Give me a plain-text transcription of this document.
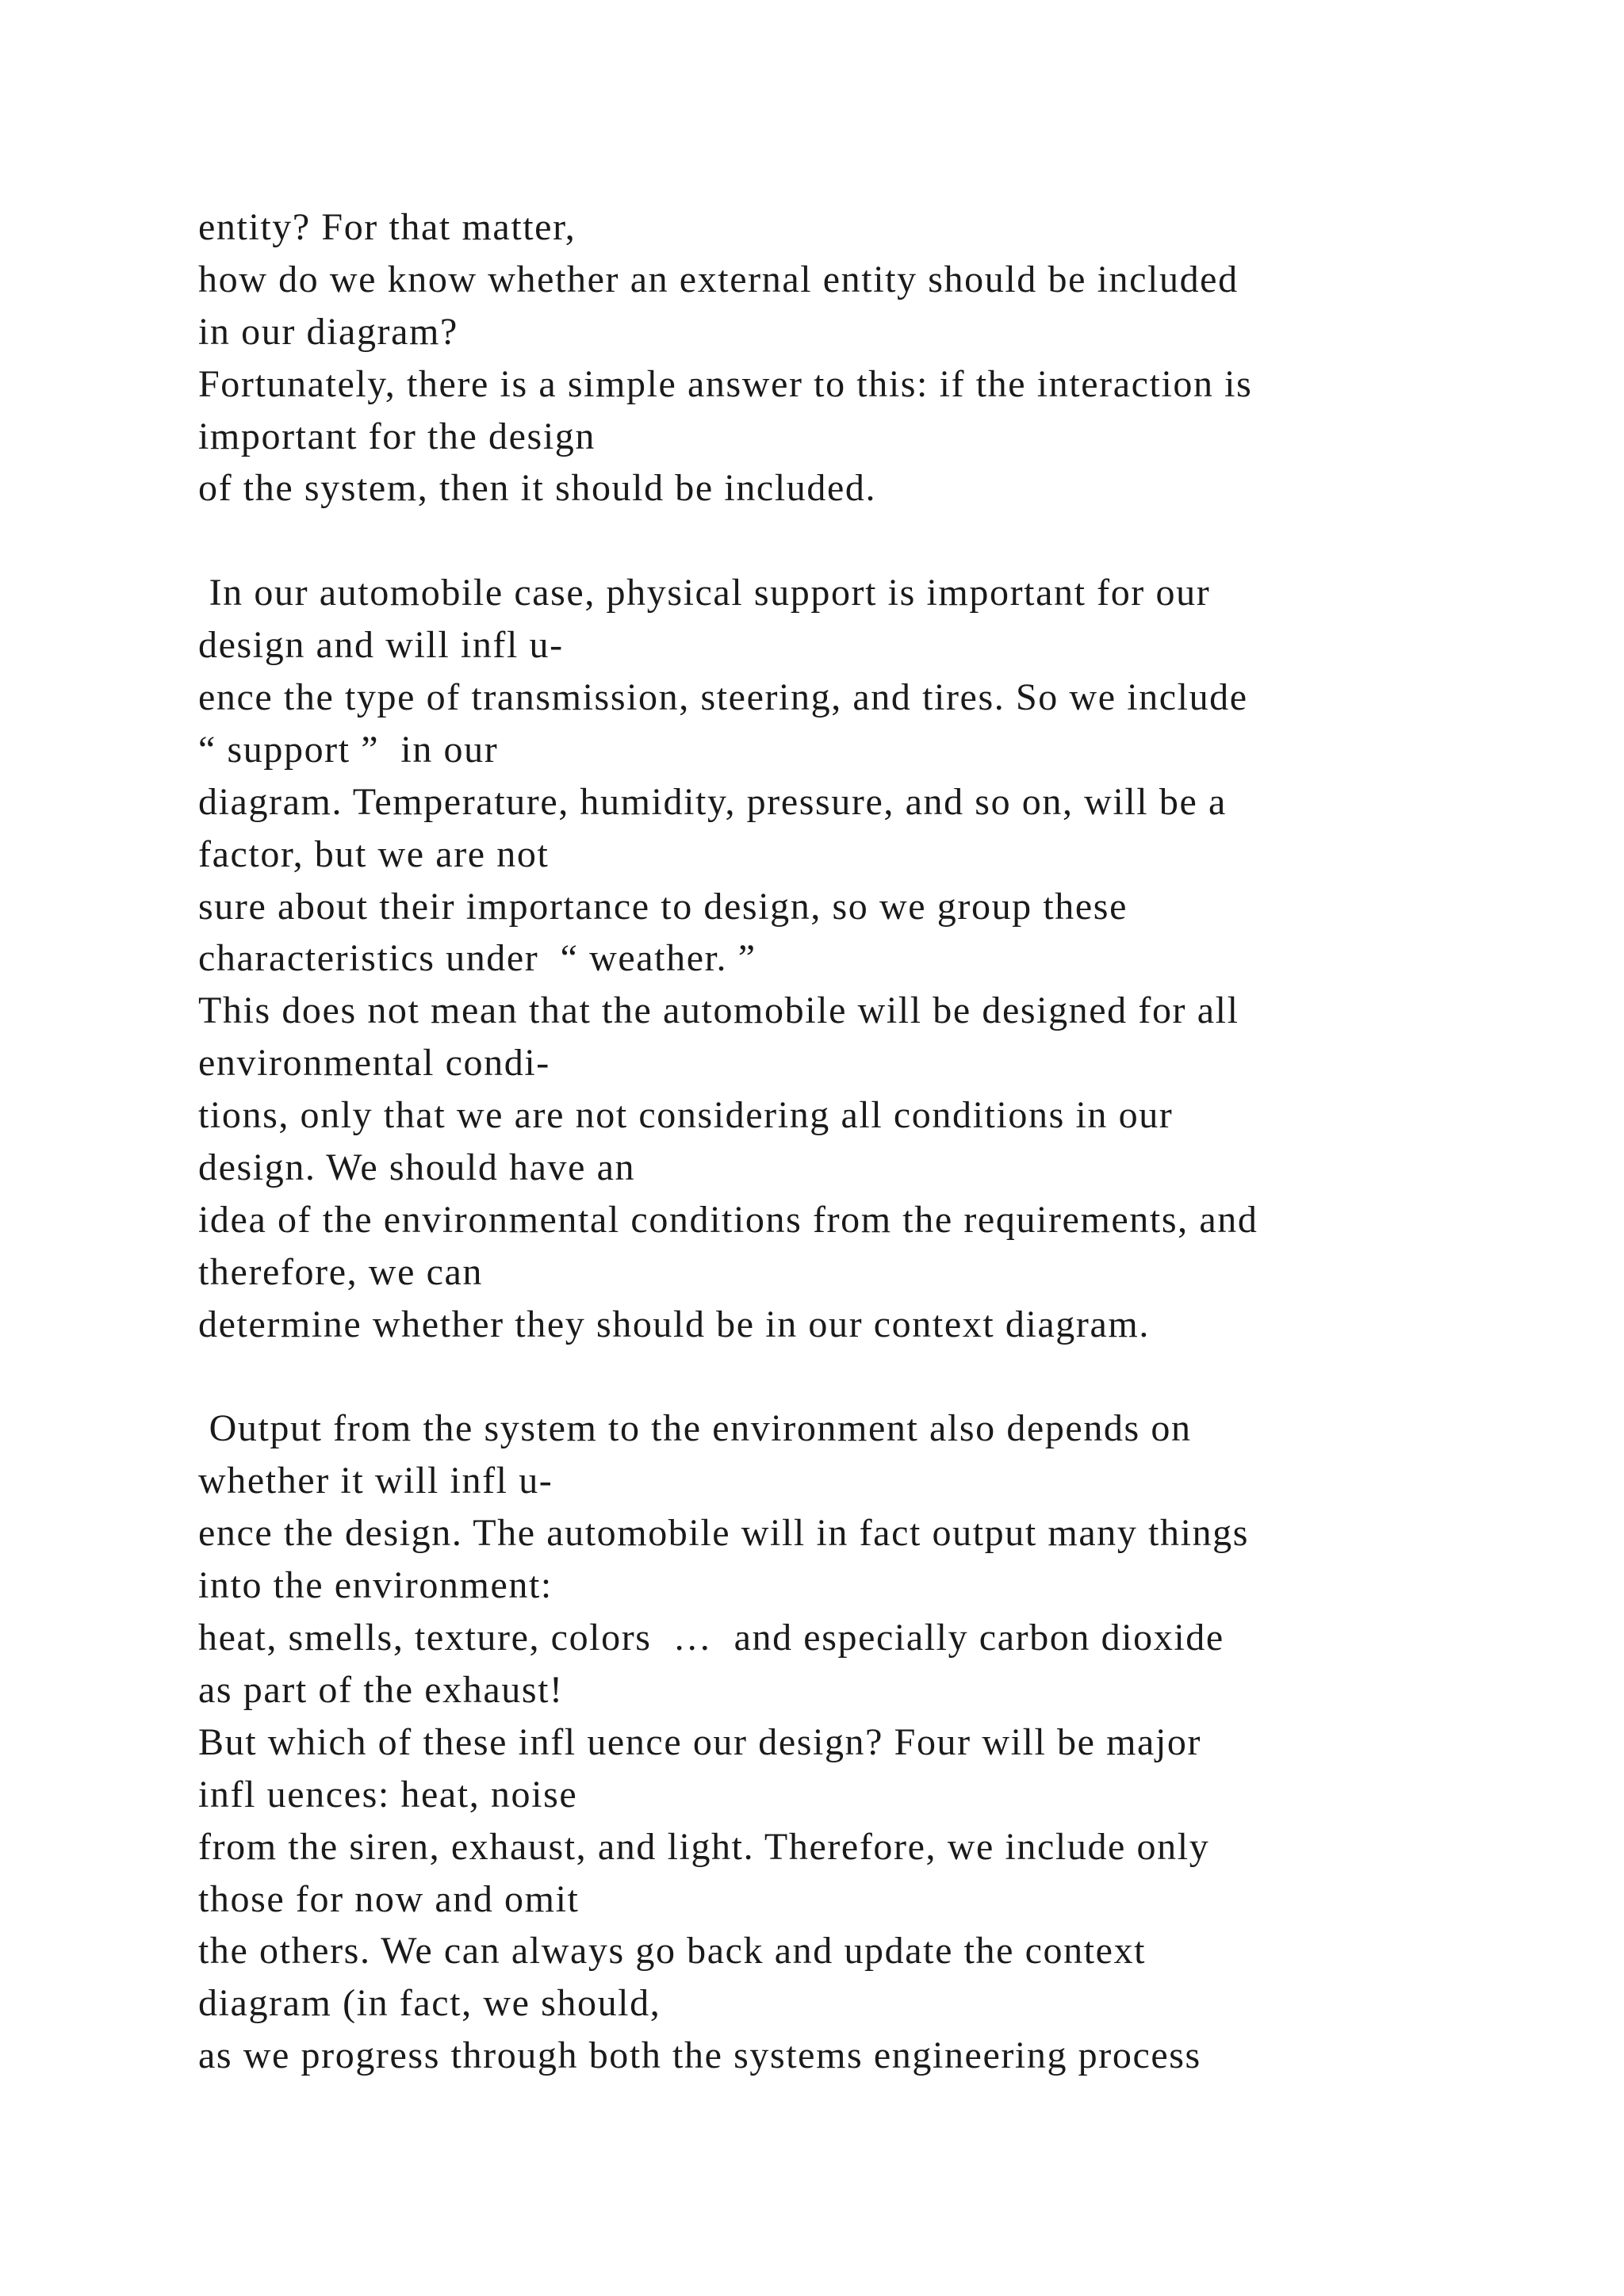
entity? For that matter,
how do we know whether an external entity should be included
in our diagram?
Fortunately, there is a simple answer to this: if the interaction is
important for the design
of the system, then it should be included.
In our automobile case, physical support is important for our
design and will infl u-
ence the type of transmission, steering, and tires. So we include
“ support ”  in our
diagram. Temperature, humidity, pressure, and so on, will be a
factor, but we are not
sure about their importance to design, so we group these
characteristics under  “ weather. ”
This does not mean that the automobile will be designed for all
environmental condi-
tions, only that we are not considering all conditions in our
design. We should have an
idea of the environmental conditions from the requirements, and
therefore, we can
determine whether they should be in our context diagram.
Output from the system to the environment also depends on
whether it will infl u-
ence the design. The automobile will in fact output many things
into the environment:
heat, smells, texture, colors  …  and especially carbon dioxide
as part of the exhaust!
But which of these infl uence our design? Four will be major
infl uences: heat, noise
from the siren, exhaust, and light. Therefore, we include only
those for now and omit
the others. We can always go back and update the context
diagram (in fact, we should,
as we progress through both the systems engineering process
